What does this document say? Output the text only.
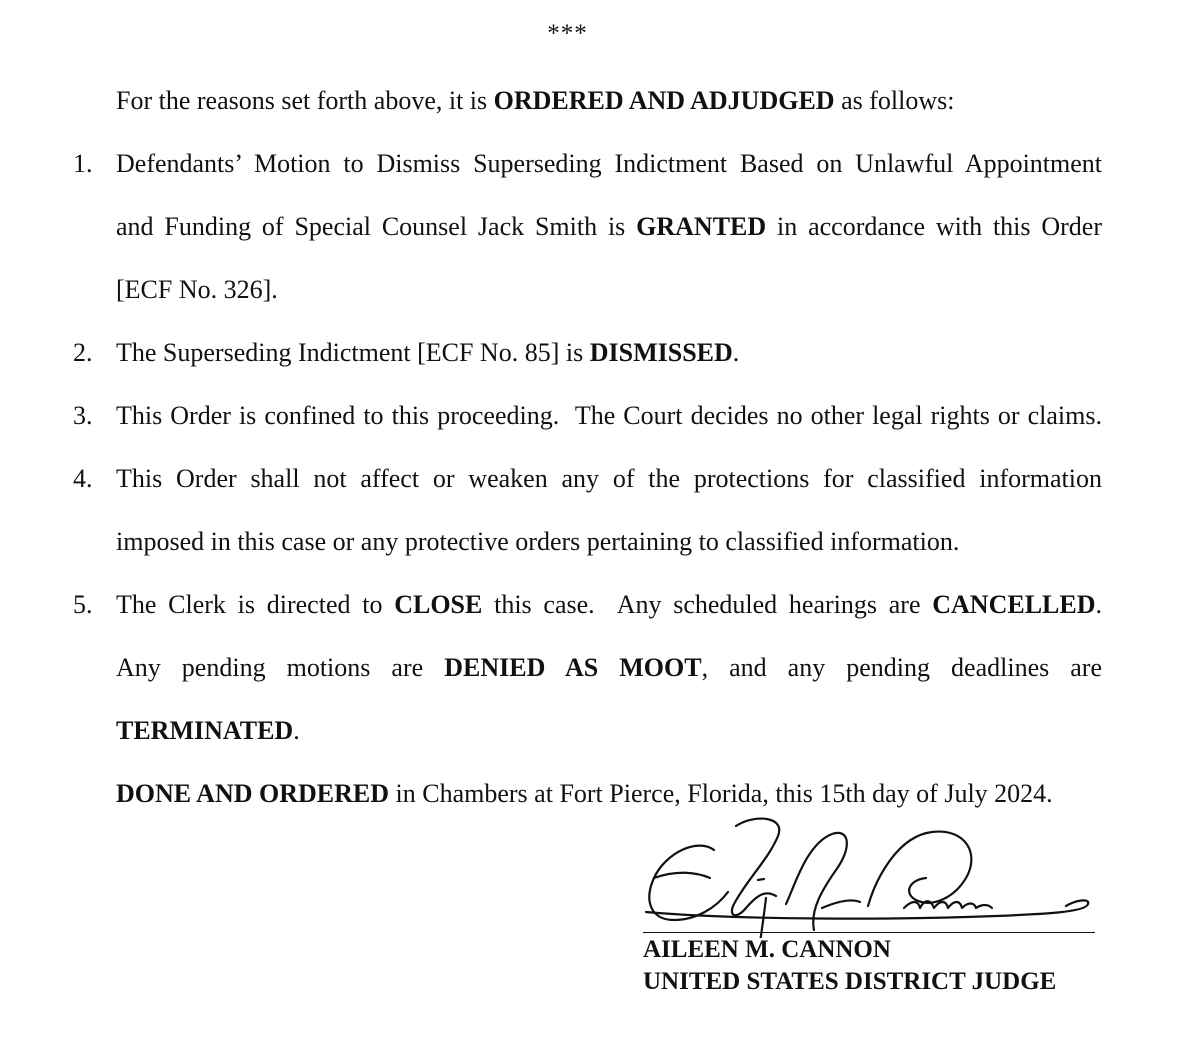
***
For the reasons set forth above, it is ORDERED AND ADJUDGED as follows:
1. Defendants’ Motion to Dismiss Superseding Indictment Based on Unlawful Appointment
and Funding of Special Counsel Jack Smith is GRANTED in accordance with this Order
[ECF No. 326].
2. The Superseding Indictment [ECF No. 85] is DISMISSED.
3. This Order is confined to this proceeding.  The Court decides no other legal rights or claims.
4. This Order shall not affect or weaken any of the protections for classified information
imposed in this case or any protective orders pertaining to classified information.
5. The Clerk is directed to CLOSE this case.  Any scheduled hearings are CANCELLED.
Any pending motions are DENIED AS MOOT, and any pending deadlines are
TERMINATED.
DONE AND ORDERED in Chambers at Fort Pierce, Florida, this 15th day of July 2024.
AILEEN M. CANNON
UNITED STATES DISTRICT JUDGE
